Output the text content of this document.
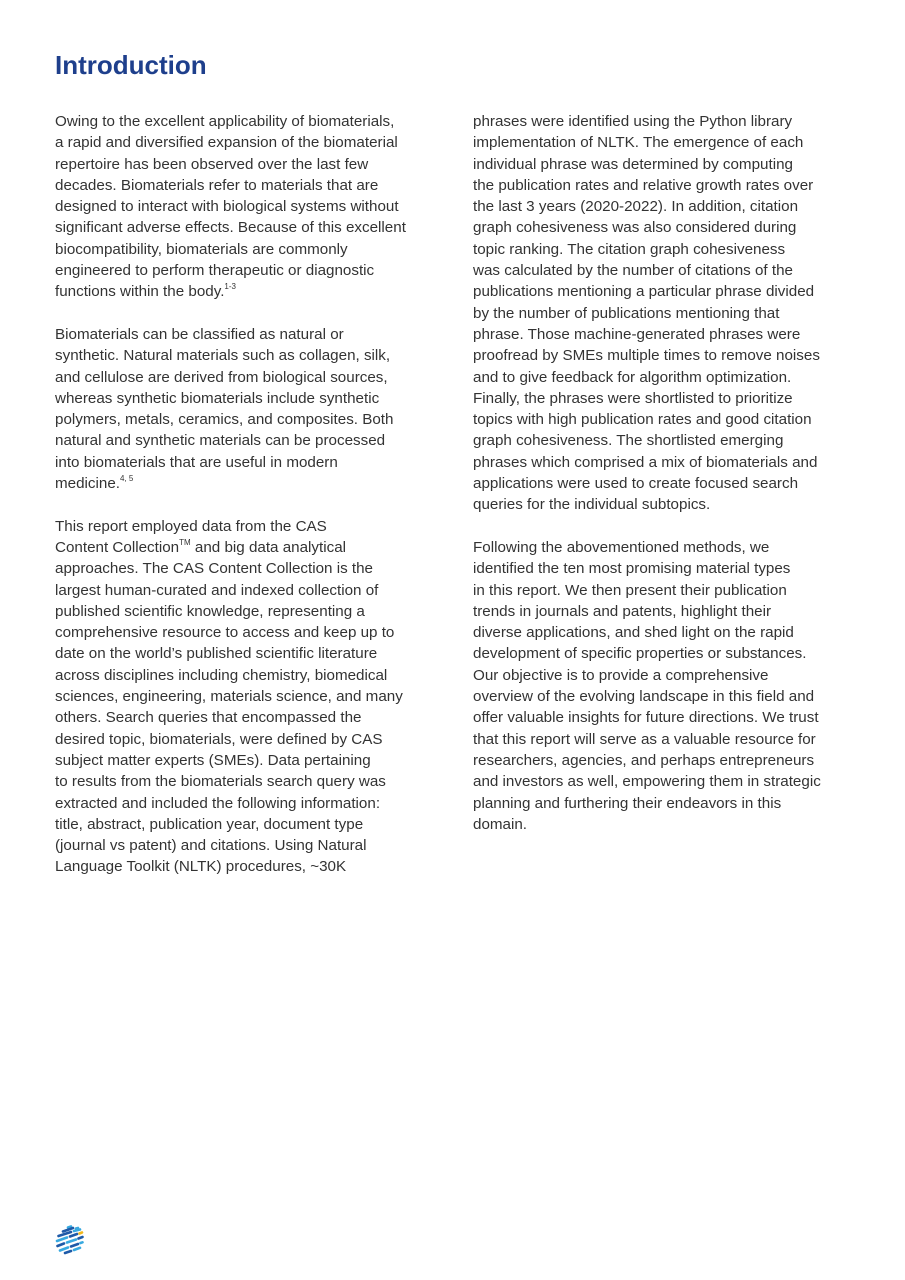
Introduction

Owing to the excellent applicability of biomaterials,
a rapid and diversified expansion of the biomaterial
repertoire has been observed over the last few
decades. Biomaterials refer to materials that are
designed to interact with biological systems without
significant adverse effects. Because of this excellent
biocompatibility, biomaterials are commonly
engineered to perform therapeutic or diagnostic
functions within the body.$^{1-3}$

Biomaterials can be classified as natural or
synthetic. Natural materials such as collagen, silk,
and cellulose are derived from biological sources,
whereas synthetic biomaterials include synthetic
polymers, metals, ceramics, and composites. Both
natural and synthetic materials can be processed
into biomaterials that are useful in modern
medicine.$^{4, 5}$

This report employed data from the CAS
Content Collection™ and big data analytical
approaches. The CAS Content Collection is the
largest human-curated and indexed collection of
published scientific knowledge, representing a
comprehensive resource to access and keep up to
date on the world’s published scientific literature
across disciplines including chemistry, biomedical
sciences, engineering, materials science, and many
others. Search queries that encompassed the
desired topic, biomaterials, were defined by CAS
subject matter experts (SMEs). Data pertaining
to results from the biomaterials search query was
extracted and included the following information:
title, abstract, publication year, document type
(journal vs patent) and citations. Using Natural
Language Toolkit (NLTK) procedures, ~30K

phrases were identified using the Python library
implementation of NLTK. The emergence of each
individual phrase was determined by computing
the publication rates and relative growth rates over
the last 3 years (2020-2022). In addition, citation
graph cohesiveness was also considered during
topic ranking. The citation graph cohesiveness
was calculated by the number of citations of the
publications mentioning a particular phrase divided
by the number of publications mentioning that
phrase. Those machine-generated phrases were
proofread by SMEs multiple times to remove noises
and to give feedback for algorithm optimization.
Finally, the phrases were shortlisted to prioritize
topics with high publication rates and good citation
graph cohesiveness. The shortlisted emerging
phrases which comprised a mix of biomaterials and
applications were used to create focused search
queries for the individual subtopics.

Following the abovementioned methods, we
identified the ten most promising material types
in this report. We then present their publication
trends in journals and patents, highlight their
diverse applications, and shed light on the rapid
development of specific properties or substances.
Our objective is to provide a comprehensive
overview of the evolving landscape in this field and
offer valuable insights for future directions. We trust
that this report will serve as a valuable resource for
researchers, agencies, and perhaps entrepreneurs
and investors as well, empowering them in strategic
planning and furthering their endeavors in this
domain.
